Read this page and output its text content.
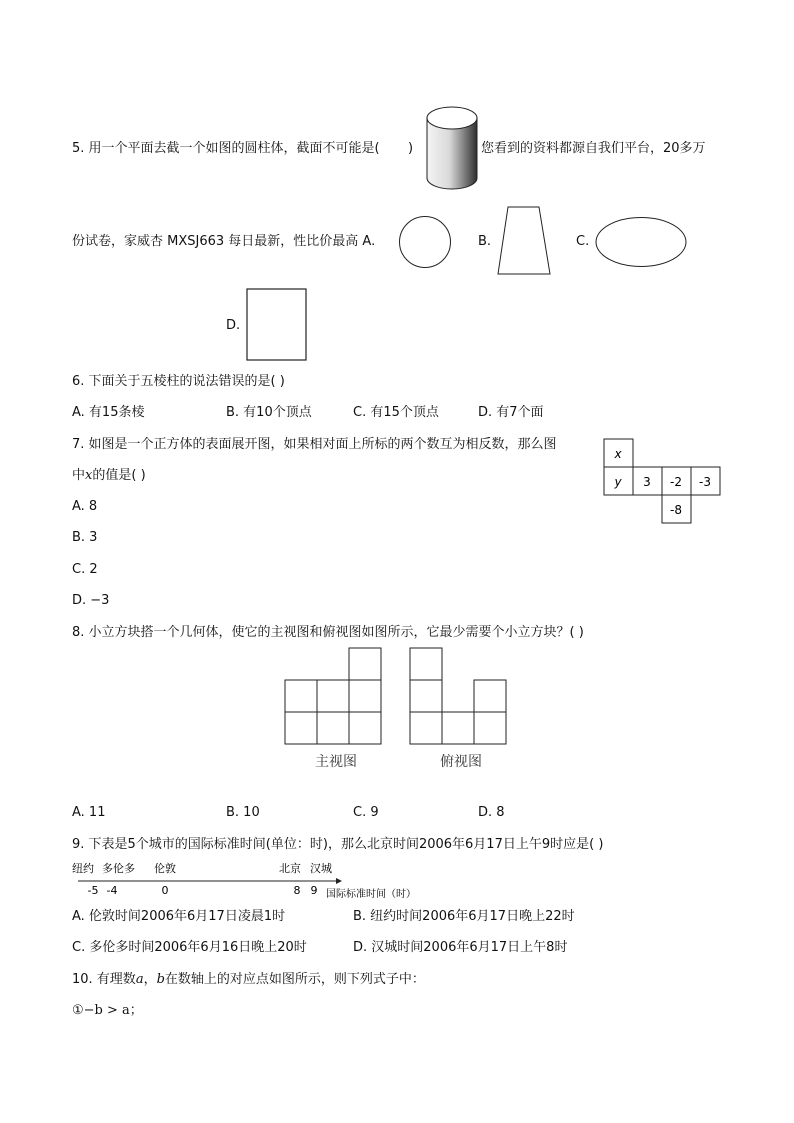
5. 用一个平面去截一个如图的圆柱体，截面不可能是( )	您看到的资料都源自我们平台，20多万
份试卷，家威杏 MXSJ663 每日最新，性比价最高 A.	B.	C.
D.
6. 下面关于五棱柱的说法错误的是( )
A. 有15条棱	B. 有10个顶点	C. 有15个顶点	D. 有7个面
7. 如图是一个正方体的表面展开图，如果相对面上所标的两个数互为相反数，那么图
中x的值是( )
x
y 3 -2 -3
-8
A. 8
B. 3
C. 2
D. −3
8. 小立方块搭一个几何体，使它的主视图和俯视图如图所示，它最少需要个小立方块？( )
主视图	俯视图
A. 11	B. 10	C. 9	D. 8
9. 下表是5个城市的国际标准时间(单位：时)，那么北京时间2006年6月17日上午9时应是( )
纽约 多伦多 伦敦	北京 汉城
-5 -4	0	8 9 国际标准时间（时）
A. 伦敦时间2006年6月17日凌晨1时	B. 纽约时间2006年6月17日晚上22时
C. 多伦多时间2006年6月16日晚上20时	D. 汉城时间2006年6月17日上午8时
10. 有理数a，b在数轴上的对应点如图所示，则下列式子中：
①−b > a；
